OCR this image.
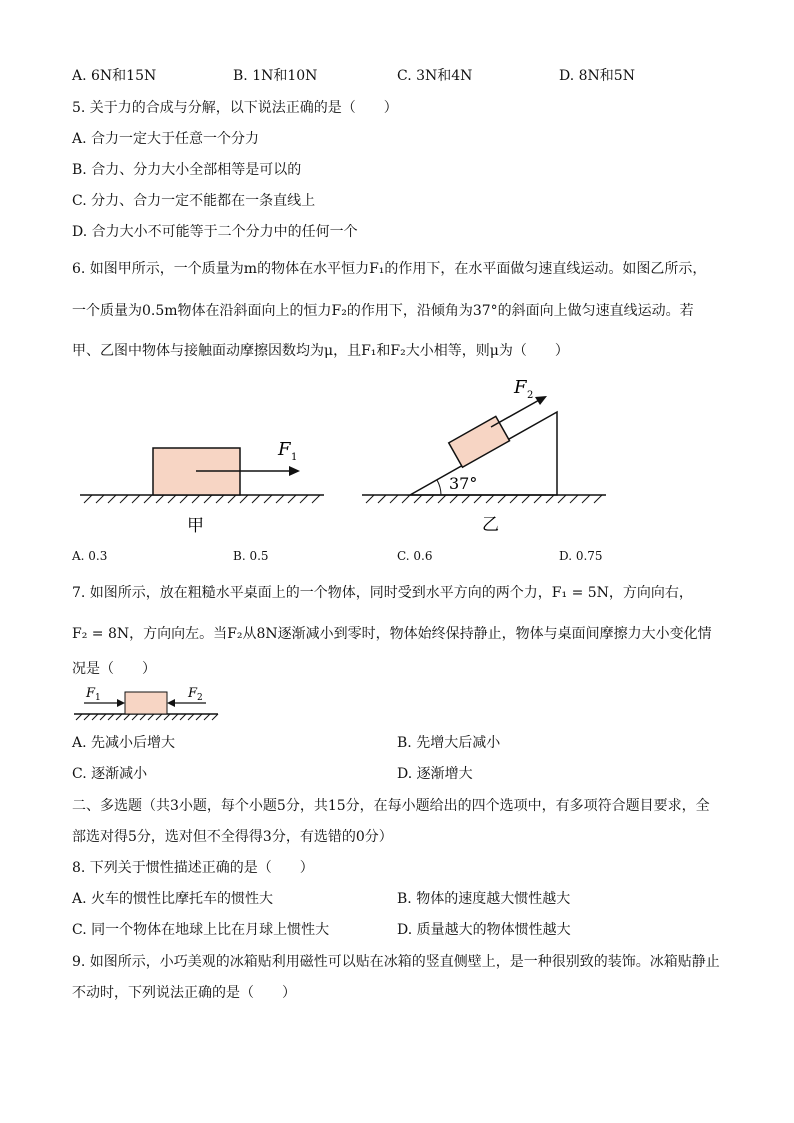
A. 6N和15N	B. 1N和10N	C. 3N和4N	D. 8N和5N
5. 关于力的合成与分解，以下说法正确的是（　　）
A. 合力一定大于任意一个分力
B. 合力、分力大小全部相等是可以的
C. 分力、合力一定不能都在一条直线上
D. 合力大小不可能等于二个分力中的任何一个
6. 如图甲所示，一个质量为m的物体在水平恒力F₁的作用下，在水平面做匀速直线运动。如图乙所示，
一个质量为0.5m物体在沿斜面向上的恒力F₂的作用下，沿倾角为37°的斜面向上做匀速直线运动。若
甲、乙图中物体与接触面动摩擦因数均为μ，且F₁和F₂大小相等，则μ为（　　）
F 1
甲
37°
F 2
乙
A. 0.3	B. 0.5	C. 0.6	D. 0.75
7. 如图所示，放在粗糙水平桌面上的一个物体，同时受到水平方向的两个力，F₁ = 5N，方向向右，
F₂ = 8N，方向向左。当F₂从8N逐渐减小到零时，物体始终保持静止，物体与桌面间摩擦力大小变化情
况是（　　）
F 1	F 2
A. 先减小后增大	B. 先增大后减小
C. 逐渐减小	D. 逐渐增大
二、多选题（共3小题，每个小题5分，共15分，在每小题给出的四个选项中，有多项符合题目要求，全
部选对得5分，选对但不全得得3分，有选错的0分）
8. 下列关于惯性描述正确的是（　　）
A. 火车的惯性比摩托车的惯性大	B. 物体的速度越大惯性越大
C. 同一个物体在地球上比在月球上惯性大	D. 质量越大的物体惯性越大
9. 如图所示，小巧美观的冰箱贴利用磁性可以贴在冰箱的竖直侧壁上，是一种很别致的装饰。冰箱贴静止
不动时，下列说法正确的是（　　）
